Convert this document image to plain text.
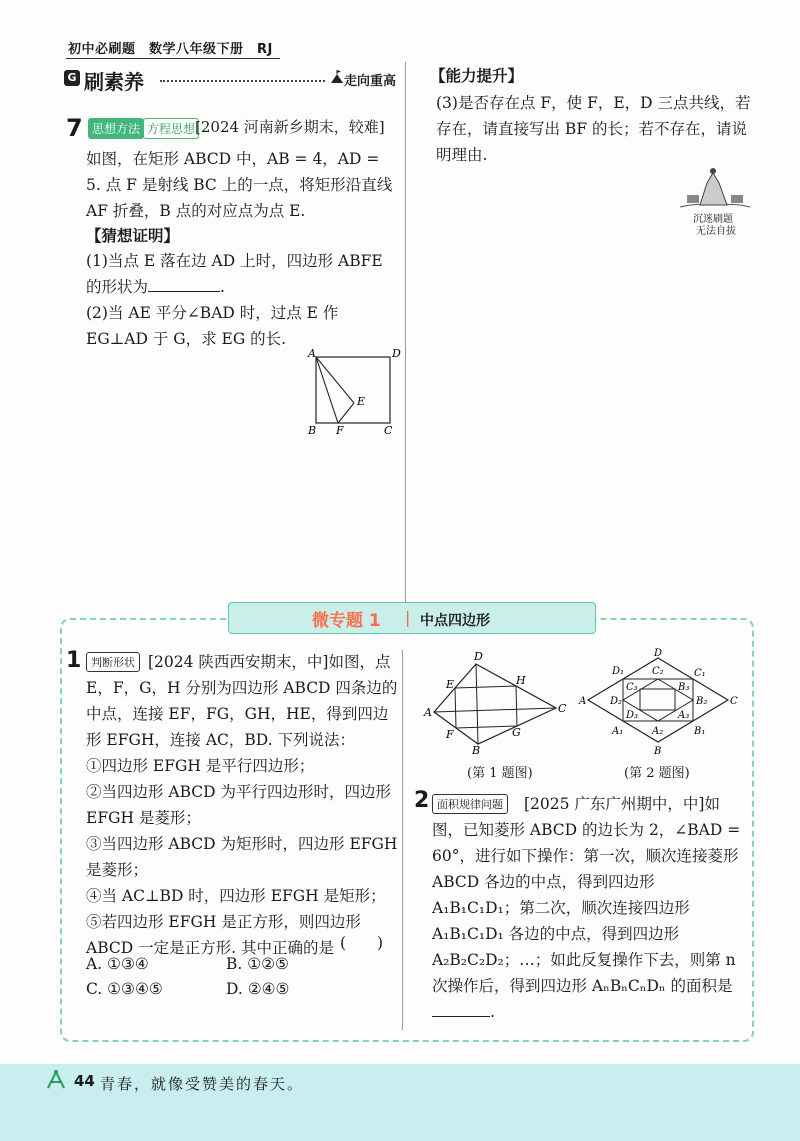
初中必刷题　数学八年级下册　RJ
G 刷素养	走向重高
7 思想方法 方程思想 [2024 河南新乡期末，较难]
如图，在矩形 ABCD 中，AB = 4，AD = 5. 点 F 是射线 BC 上的一点，将矩形沿直线 AF 折叠，B 点的对应点为点 E.
【猜想证明】
(1)当点 E 落在边 AD 上时，四边形 ABFE 的形状为	.
(2)当 AE 平分∠BAD 时，过点 E 作 EG⊥AD 于 G，求 EG 的长.
A	D
E
B F	C
【能力提升】
(3)是否存在点 F，使 F，E，D 三点共线，若存在，请直接写出 BF 的长；若不存在，请说明理由.
沉迷刷题
无法自拔
微专题 1 | 中点四边形
1	[2024 陕西西安期末，中]如图，点 E，F，G，H 分别为四边形 ABCD 四条边的中点，连接 EF，FG，GH，HE，得到四边形 EFGH，连接 AC，BD. 下列说法：
判断形状
①四边形 EFGH 是平行四边形；
②当四边形 ABCD 为平行四边形时，四边形 EFGH 是菱形；
③当四边形 ABCD 为矩形时，四边形 EFGH 是菱形；
④当 AC⊥BD 时，四边形 EFGH 是矩形；
⑤若四边形 EFGH 是正方形，则四边形 ABCD 一定是正方形. 其中正确的是 (　　)
A. ①③④	B. ①②⑤
C. ①③④⑤	D. ②④⑤
D
E	H
A	C
F	G
B
D
D₁	C₂	C₁
C₃	B₃
A D₂	B₂ C
D₃	A₃
A₁	A₂	B₁
B
(第 1 题图)	(第 2 题图)
2	[2025 广东广州期中，中]如图，已知菱形 ABCD 的边长为 2，∠BAD = 60°，进行如下操作：第一次，顺次连接菱形 ABCD 各边的中点，得到四边形 A₁B₁C₁D₁；第二次，顺次连接四边形 A₁B₁C₁D₁ 各边的中点，得到四边形 A₂B₂C₂D₂；…；如此反复操作下去，则第 n 次操作后，得到四边形 AₙBₙCₙDₙ 的面积是.
面积规律问题
44 青春，就像受赞美的春天。
